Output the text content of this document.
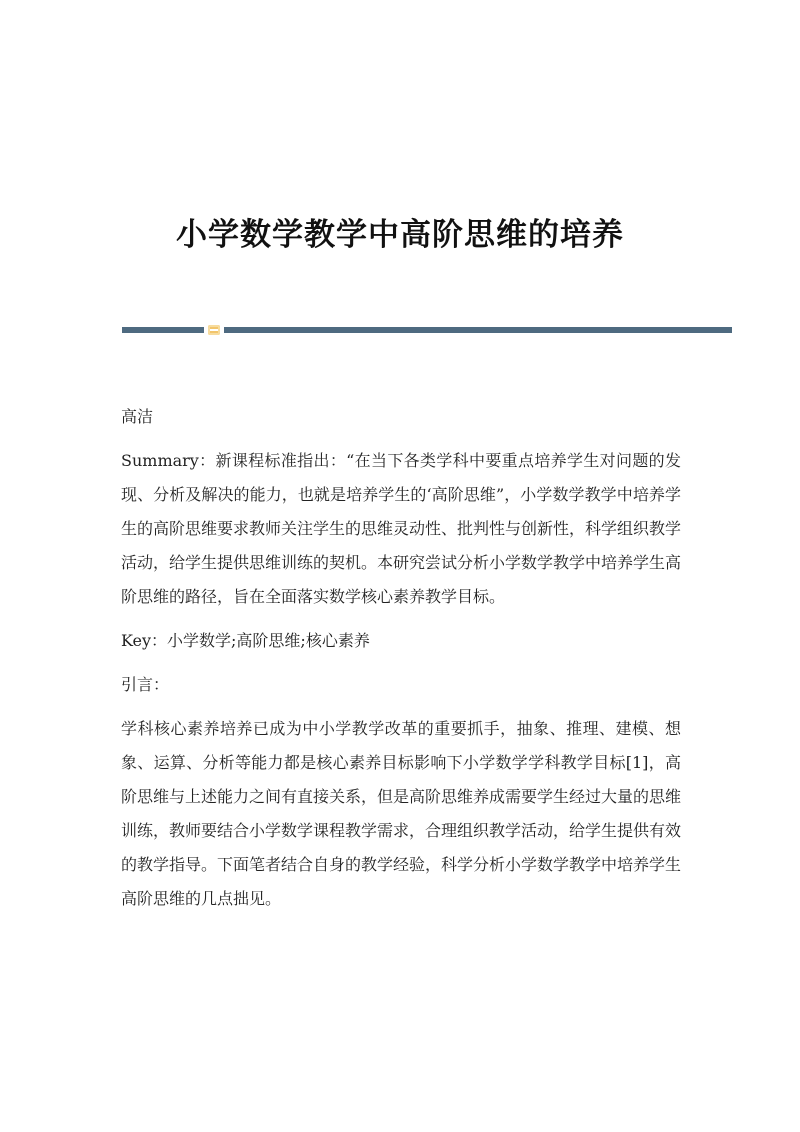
小学数学教学中高阶思维的培养

高洁

Summary：新课程标准指出：“在当下各类学科中要重点培养学生对问题的发现、分析及解决的能力，也就是培养学生的‘高阶思维”，小学数学教学中培养学生的高阶思维要求教师关注学生的思维灵动性、批判性与创新性，科学组织教学活动，给学生提供思维训练的契机。本研究尝试分析小学数学教学中培养学生高阶思维的路径，旨在全面落实数学核心素养教学目标。

Key：小学数学;高阶思维;核心素养

引言：

学科核心素养培养已成为中小学教学改革的重要抓手，抽象、推理、建模、想象、运算、分析等能力都是核心素养目标影响下小学数学学科教学目标[1]，高阶思维与上述能力之间有直接关系，但是高阶思维养成需要学生经过大量的思维训练，教师要结合小学数学课程教学需求，合理组织教学活动，给学生提供有效的教学指导。下面笔者结合自身的教学经验，科学分析小学数学教学中培养学生高阶思维的几点拙见。
